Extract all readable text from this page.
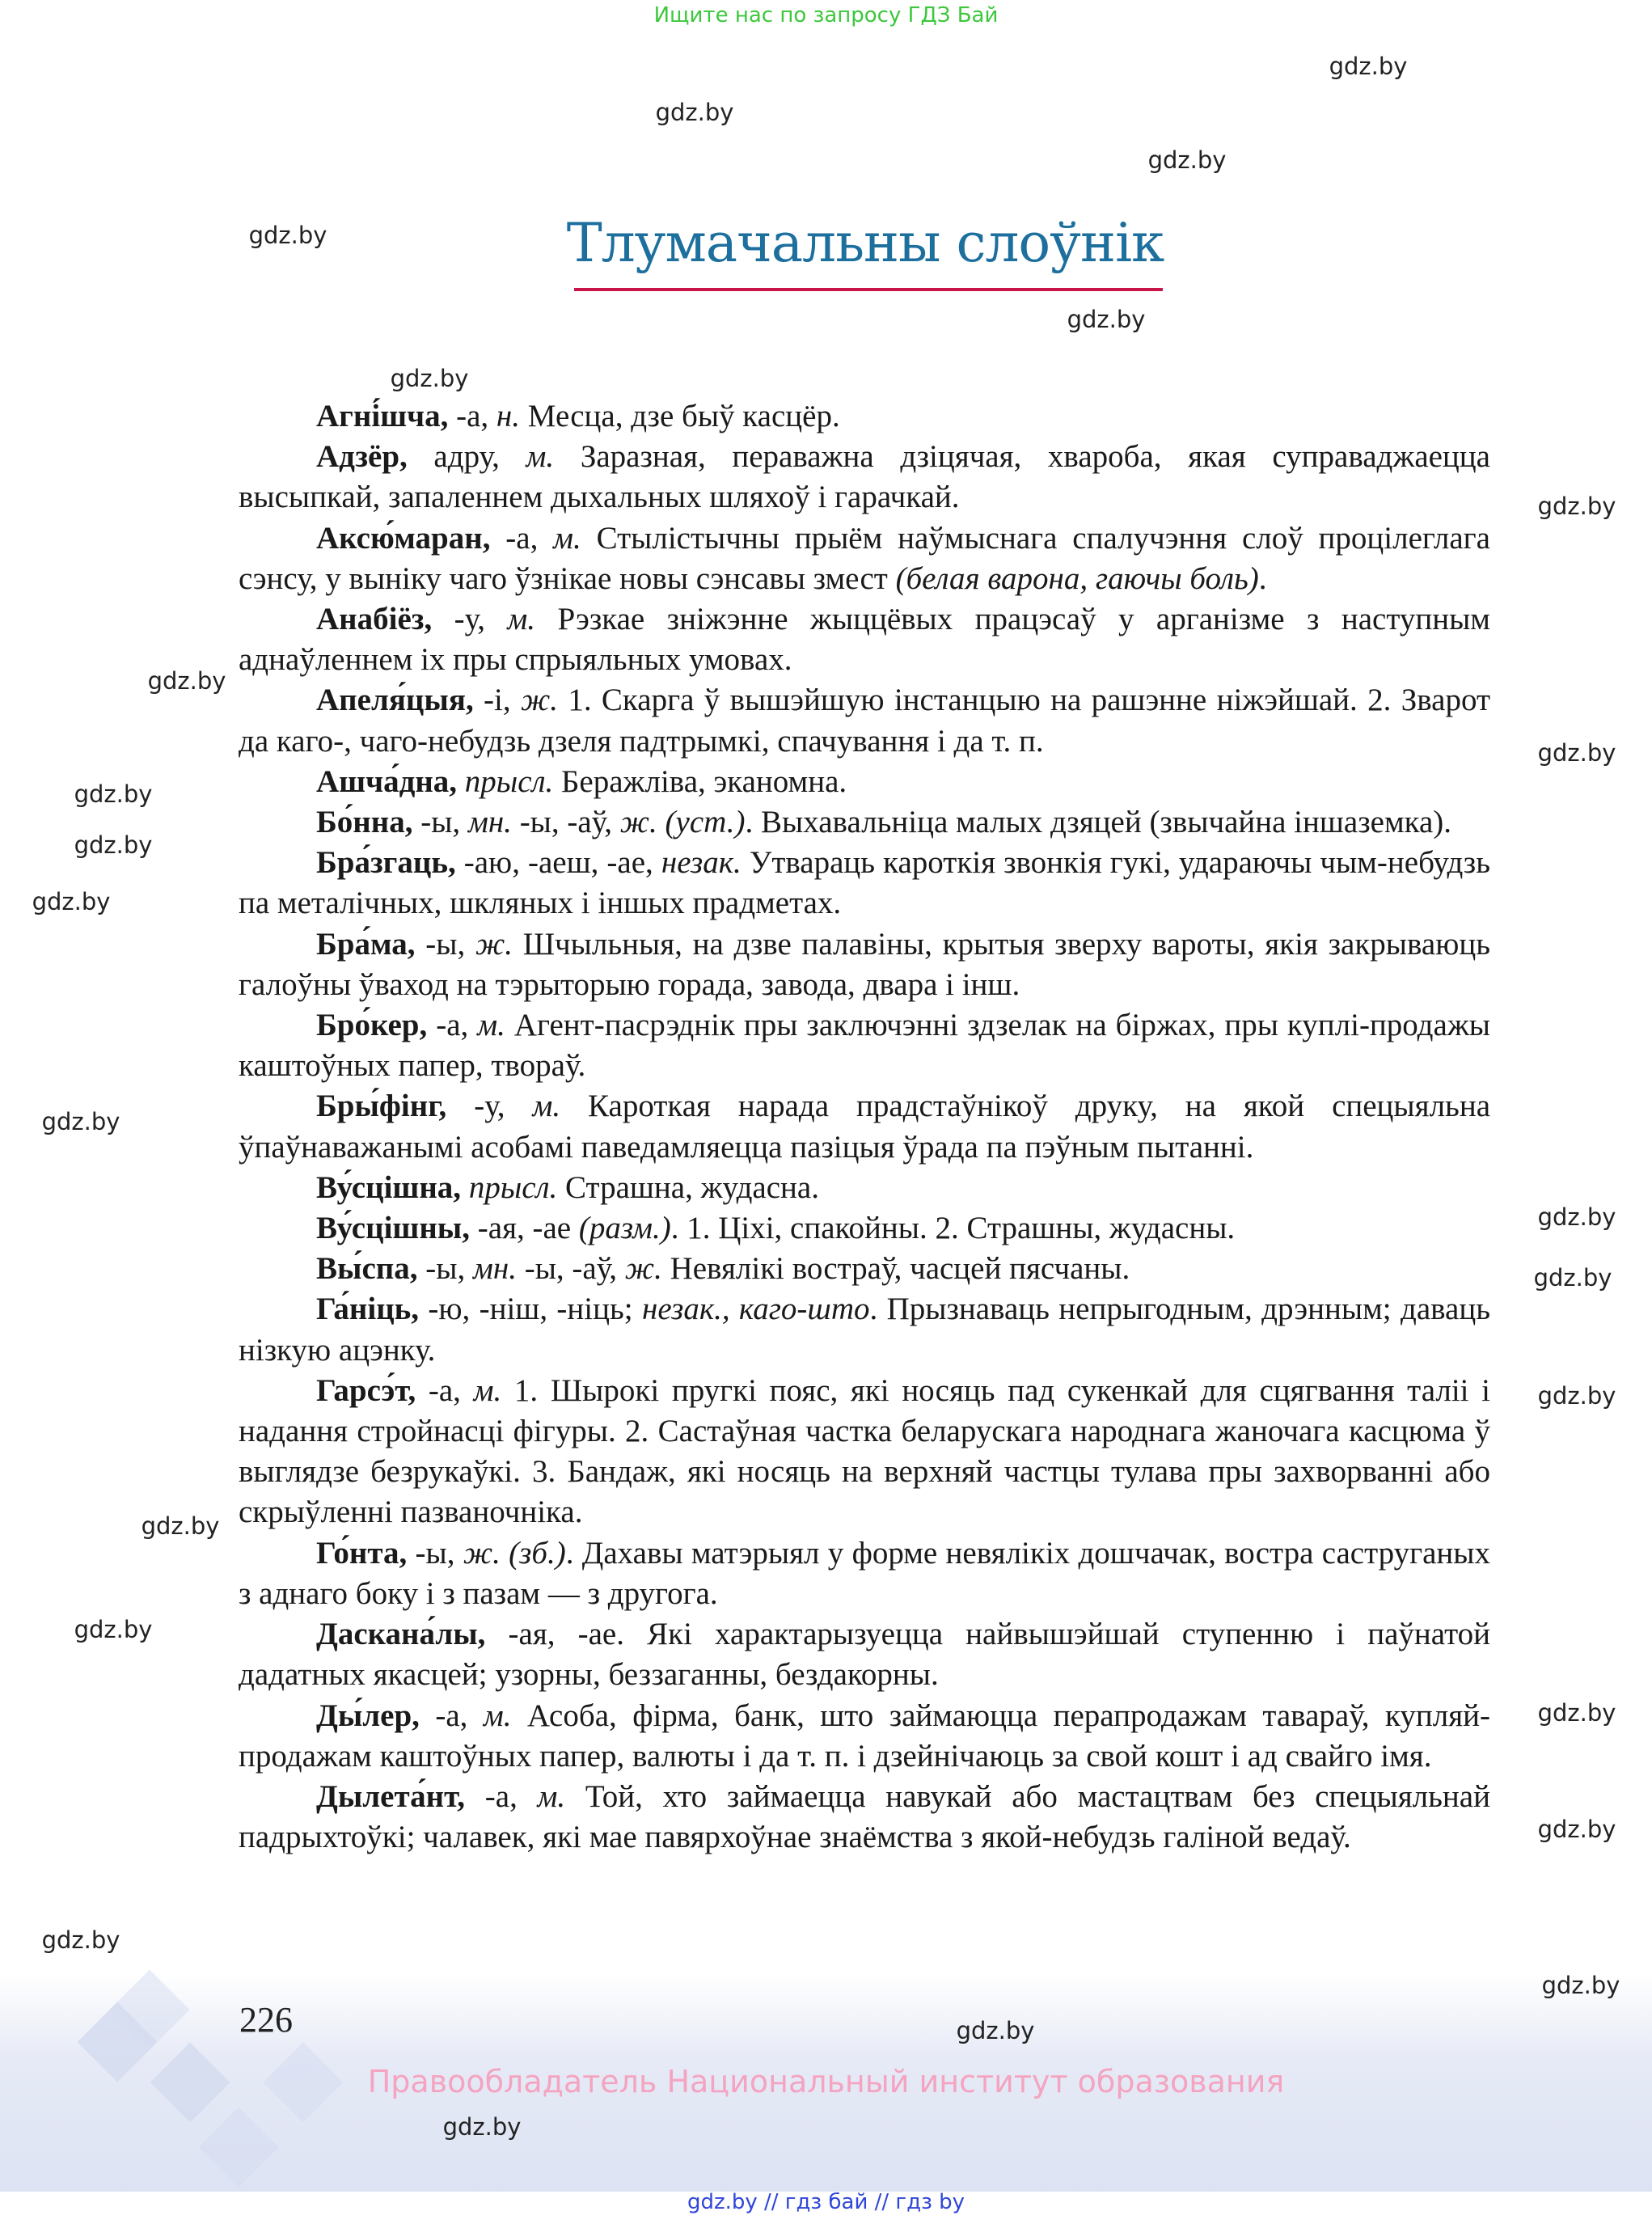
Ищите нас по запросу ГДЗ Бай
Тлумачальны слоўнік

Агні́шча, -а, н. Месца, дзе быў касцёр.

Адзёр, адру, м. Заразная, пераважна дзіцячая, хвароба, якая суправаджаецца высыпкай, запаленнем дыхальных шляхоў і гарачкай.

Аксю́маран, -а, м. Стылістычны прыём наўмыснага спалучэння слоў процілеглага сэнсу, у выніку чаго ўзнікае новы сэнсавы змест (белая варона, гаючы боль).

Анабіёз, -у, м. Рэзкае зніжэнне жыццёвых працэсаў у арганізме з наступным аднаўленнем іх пры спрыяльных умовах.

Апеля́цыя, -і, ж. 1. Скарга ў вышэйшую інстанцыю на рашэнне ніжэйшай. 2. Зварот да каго-, чаго-небудзь дзеля падтрымкі, спачування і да т. п.

Ашча́дна, прысл. Беражліва, эканомна.

Бо́нна, -ы, мн. -ы, -аў, ж. (уст.). Выхавальніца малых дзяцей (звычайна іншаземка).

Бра́згаць, -аю, -аеш, -ае, незак. Утвараць кароткія звонкія гукі, удараючы чым-небудзь па металічных, шкляных і іншых прадметах.

Бра́ма, -ы, ж. Шчыльныя, на дзве палавіны, крытыя зверху вароты, якія закрываюць галоўны ўваход на тэрыторыю горада, завода, двара і інш.

Бро́кер, -а, м. Агент-пасрэднік пры заключэнні здзелак на біржах, пры куплі-продажы каштоўных папер, твораў.

Бры́фінг, -у, м. Кароткая нарада прадстаўнікоў друку, на якой спецыяльна ўпаўнаважанымі асобамі паведамляецца пазіцыя ўрада па пэўным пытанні.

Ву́сцішна, прысл. Страшна, жудасна.

Ву́сцішны, -ая, -ае (разм.). 1. Ціхі, спакойны. 2. Страшны, жудасны.

Вы́спа, -ы, мн. -ы, -аў, ж. Невялікі востраў, часцей пясчаны.

Га́ніць, -ю, -ніш, -ніць; незак., каго-што. Прызнаваць непрыгодным, дрэнным; даваць нізкую ацэнку.

Гарсэ́т, -а, м. 1. Шырокі пругкі пояс, які носяць пад сукенкай для сцягвання таліі і надання стройнасці фігуры. 2. Састаўная частка беларускага народнага жаночага касцюма ў выглядзе безрукаўкі. 3. Бандаж, які носяць на верхняй частцы тулава пры захворванні або скрыўленні пазваночніка.

Го́нта, -ы, ж. (зб.). Дахавы матэрыял у форме невялікіх дошчачак, востра саструганых з аднаго боку і з пазам — з другога.

Даскана́лы, -ая, -ае. Які характарызуецца найвышэйшай ступенню і паўнатой дадатных якасцей; узорны, беззаганны, бездакорны.

Ды́лер, -а, м. Асоба, фірма, банк, што займаюцца перапродажам тавараў, купляй-продажам каштоўных папер, валюты і да т. п. і дзейнічаюць за свой кошт і ад свайго імя.

Дылета́нт, -а, м. Той, хто займаецца навукай або мастацтвам без спецыяльнай падрыхтоўкі; чалавек, які мае павярхоўнае знаёмства з якой-небудзь галіной ведаў.

226
Правообладатель Национальный институт образования
gdz.by // гдз бай // гдз by
gdz.by
gdz.by
gdz.by
gdz.by
gdz.by
gdz.by
gdz.by
gdz.by
gdz.by
gdz.by
gdz.by
gdz.by
gdz.by
gdz.by
gdz.by
gdz.by
gdz.by
gdz.by
gdz.by
gdz.by
gdz.by
gdz.by
gdz.by
gdz.by
